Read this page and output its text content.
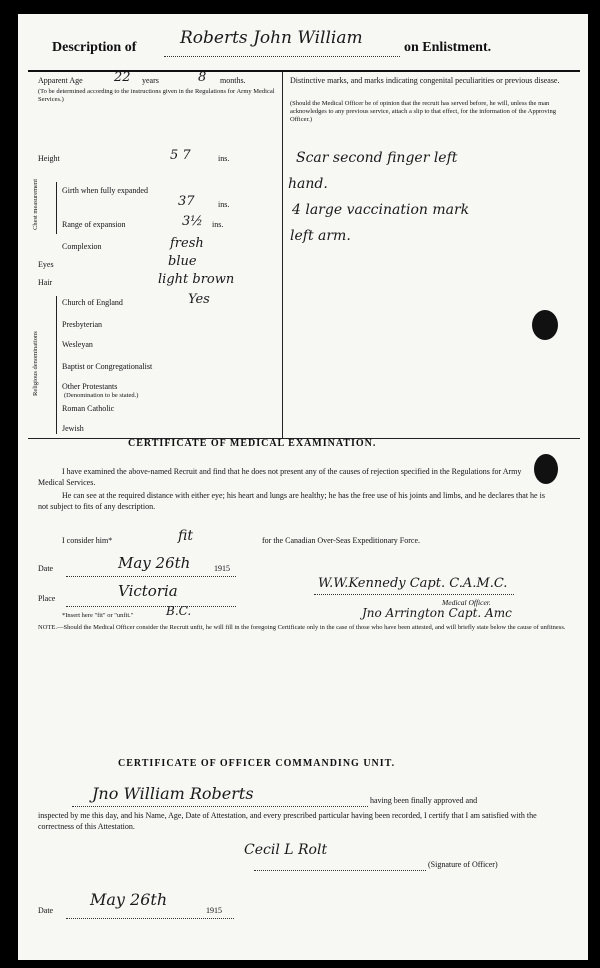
Description of	Roberts John William	on Enlistment.
Apparent Age 22 years	8 months.
(To be determined according to the instructions given in the Regulations for Army Medical Services.)
Height	5 7	ins.
Chest measurement	Girth when fully expanded
37	ins.
Range of expansion	3½ ins.
Complexion	fresh
Eyes	blue
Hair	light brown
Religious denominations
Church of England	Yes
Presbyterian
Wesleyan
Baptist or Congregationalist
Other Protestants
(Denomination to be stated.)
Roman Catholic
Jewish
Distinctive marks, and marks indicating congenital peculiarities or previous disease.
(Should the Medical Officer be of opinion that the recruit has served before, he will, unless the man acknowledges to any previous service, attach a slip to that effect, for the information of the Approving Officer.)
Scar second finger left
hand.
4 large vaccination mark
left arm.
CERTIFICATE OF MEDICAL EXAMINATION.
I have examined the above-named Recruit and find that he does not present any of the causes of rejection specified in the Regulations for Army Medical Services.
He can see at the required distance with either eye; his heart and lungs are healthy; he has the free use of his joints and limbs, and he declares that he is not subject to fits of any description.
I consider him*	fit	for the Canadian Over-Seas Expeditionary Force.
Date	May 26th	1915
Place	Victoria
B.C.
W.W.Kennedy Capt. C.A.M.C.
Medical Officer.
Jno Arrington Capt. Amc
*Insert here "fit" or "unfit."
NOTE.—Should the Medical Officer consider the Recruit unfit, he will fill in the foregoing Certificate only in the case of those who have been attested, and will briefly state below the cause of unfitness.
CERTIFICATE OF OFFICER COMMANDING UNIT.
Jno William Roberts	having been finally approved and
inspected by me this day, and his Name, Age, Date of Attestation, and every prescribed particular having been recorded, I certify that I am satisfied with the correctness of this Attestation.
Cecil L Rolt
(Signature of Officer)
Date
May 26th
1915
